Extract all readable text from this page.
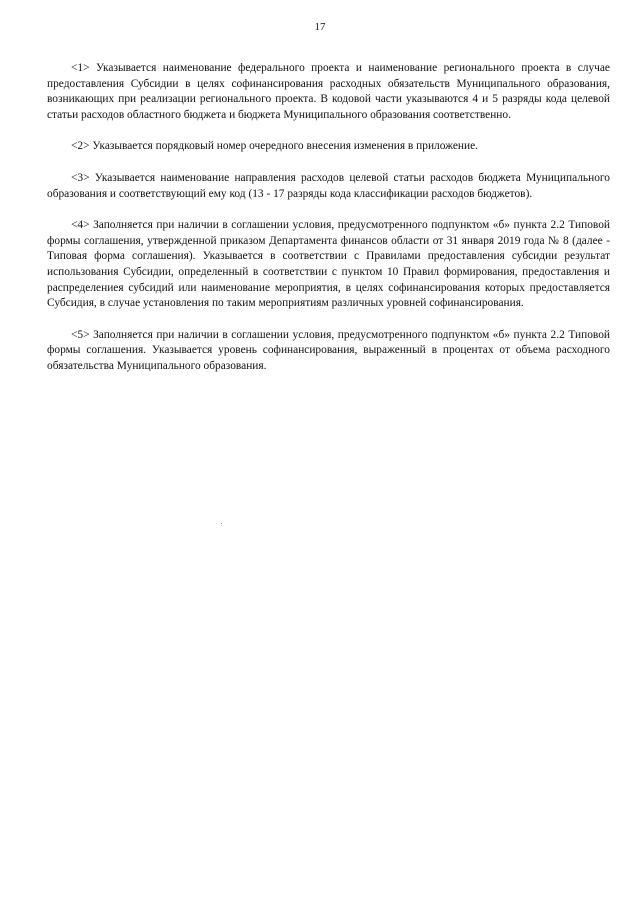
17

<1> Указывается наименование федерального проекта и наименование регионального проекта в случае предоставления Субсидии в целях софинансирования расходных обязательств Муниципального образования, возникающих при реализации регионального проекта. В кодовой части указываются 4 и 5 разряды кода целевой статьи расходов областного бюджета и бюджета Муниципального образования соответственно.

<2> Указывается порядковый номер очередного внесения изменения в приложение.

<3> Указывается наименование направления расходов целевой статьи расходов бюджета Муниципального образования и соответствующий ему код (13 - 17 разряды кода классификации расходов бюджетов).

<4> Заполняется при наличии в соглашении условия, предусмотренного подпунктом «б» пункта 2.2 Типовой формы соглашения, утвержденной приказом Департамента финансов области от 31 января 2019 года № 8 (далее - Типовая форма соглашения). Указывается в соответствии с Правилами предоставления субсидии результат использования Субсидии, определенный в соответствии с пунктом 10 Правил формирования, предоставления и распределениея субсидий или наименование мероприятия, в целях софинансирования которых предоставляется Субсидия, в случае установления по таким мероприятиям различных уровней софинансирования.

<5> Заполняется при наличии в соглашении условия, предусмотренного подпунктом «б» пункта 2.2 Типовой формы соглашения. Указывается уровень софинансирования, выраженный в процентах от объема расходного обязательства Муниципального образования.
